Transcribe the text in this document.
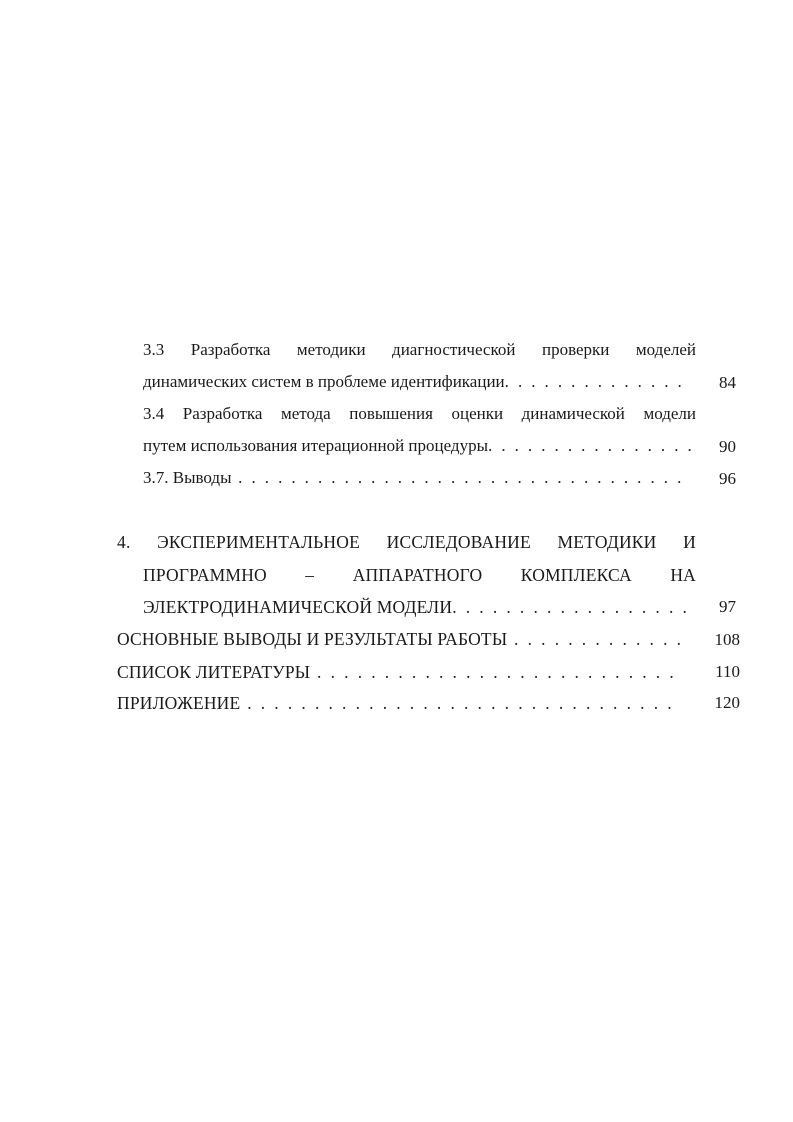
3.3 Разработка методики диагностической проверки моделей
динамических систем в проблеме идентификации. . . . . . . . . . . . . .	84
3.4 Разработка метода повышения оценки динамической модели
путем использования итерационной процедуры. . . . . . . . . . . . . . . .	90
3.7. Выводы . . . . . . . . . . . . . . . . . . . . . . . . . . . . . . . . . .	96
4. ЭКСПЕРИМЕНТАЛЬНОЕ ИССЛЕДОВАНИЕ МЕТОДИКИ И
ПРОГРАММНО – АППАРАТНОГО КОМПЛЕКСА НА
ЭЛЕКТРОДИНАМИЧЕСКОЙ МОДЕЛИ. . . . . . . . . . . . . . . . . .	97
ОСНОВНЫЕ ВЫВОДЫ И РЕЗУЛЬТАТЫ РАБОТЫ . . . . . . . . . . . . .	108
СПИСОК ЛИТЕРАТУРЫ . . . . . . . . . . . . . . . . . . . . . . . . . . .	110
ПРИЛОЖЕНИЕ . . . . . . . . . . . . . . . . . . . . . . . . . . . . . . . .	120
